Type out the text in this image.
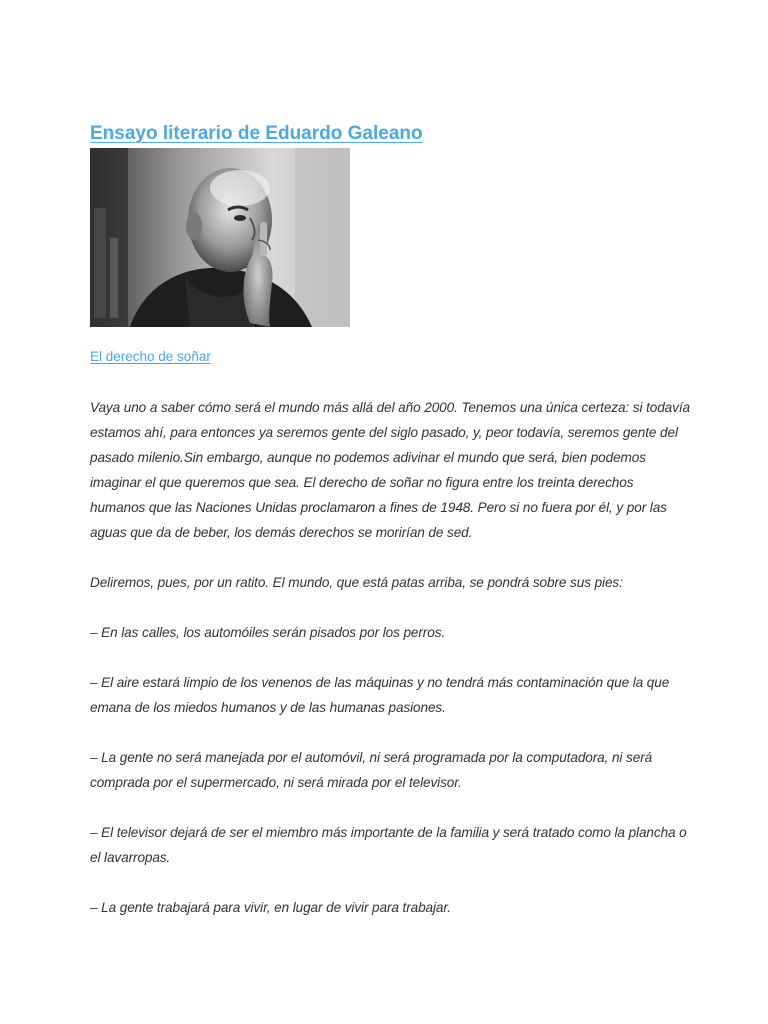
Ensayo literario de Eduardo Galeano
El derecho de soñar

Vaya uno a saber cómo será el mundo más allá del año 2000. Tenemos una única certeza: si todavía estamos ahí, para entonces ya seremos gente del siglo pasado, y, peor todavía, seremos gente del pasado milenio.Sin embargo, aunque no podemos adivinar el mundo que será, bien podemos imaginar el que queremos que sea. El derecho de soñar no figura entre los treinta derechos humanos que las Naciones Unidas proclamaron a fines de 1948. Pero si no fuera por él, y por las aguas que da de beber, los demás derechos se morirían de sed.

Deliremos, pues, por un ratito. El mundo, que está patas arriba, se pondrá sobre sus pies:

– En las calles, los automóiles serán pisados por los perros.

– El aire estará limpio de los venenos de las máquinas y no tendrá más contaminación que la que emana de los miedos humanos y de las humanas pasiones.

– La gente no será manejada por el automóvil, ni será programada por la computadora, ni será comprada por el supermercado, ni será mirada por el televisor.

– El televisor dejará de ser el miembro más importante de la familia y será tratado como la plancha o el lavarropas.

– La gente trabajará para vivir, en lugar de vivir para trabajar.
